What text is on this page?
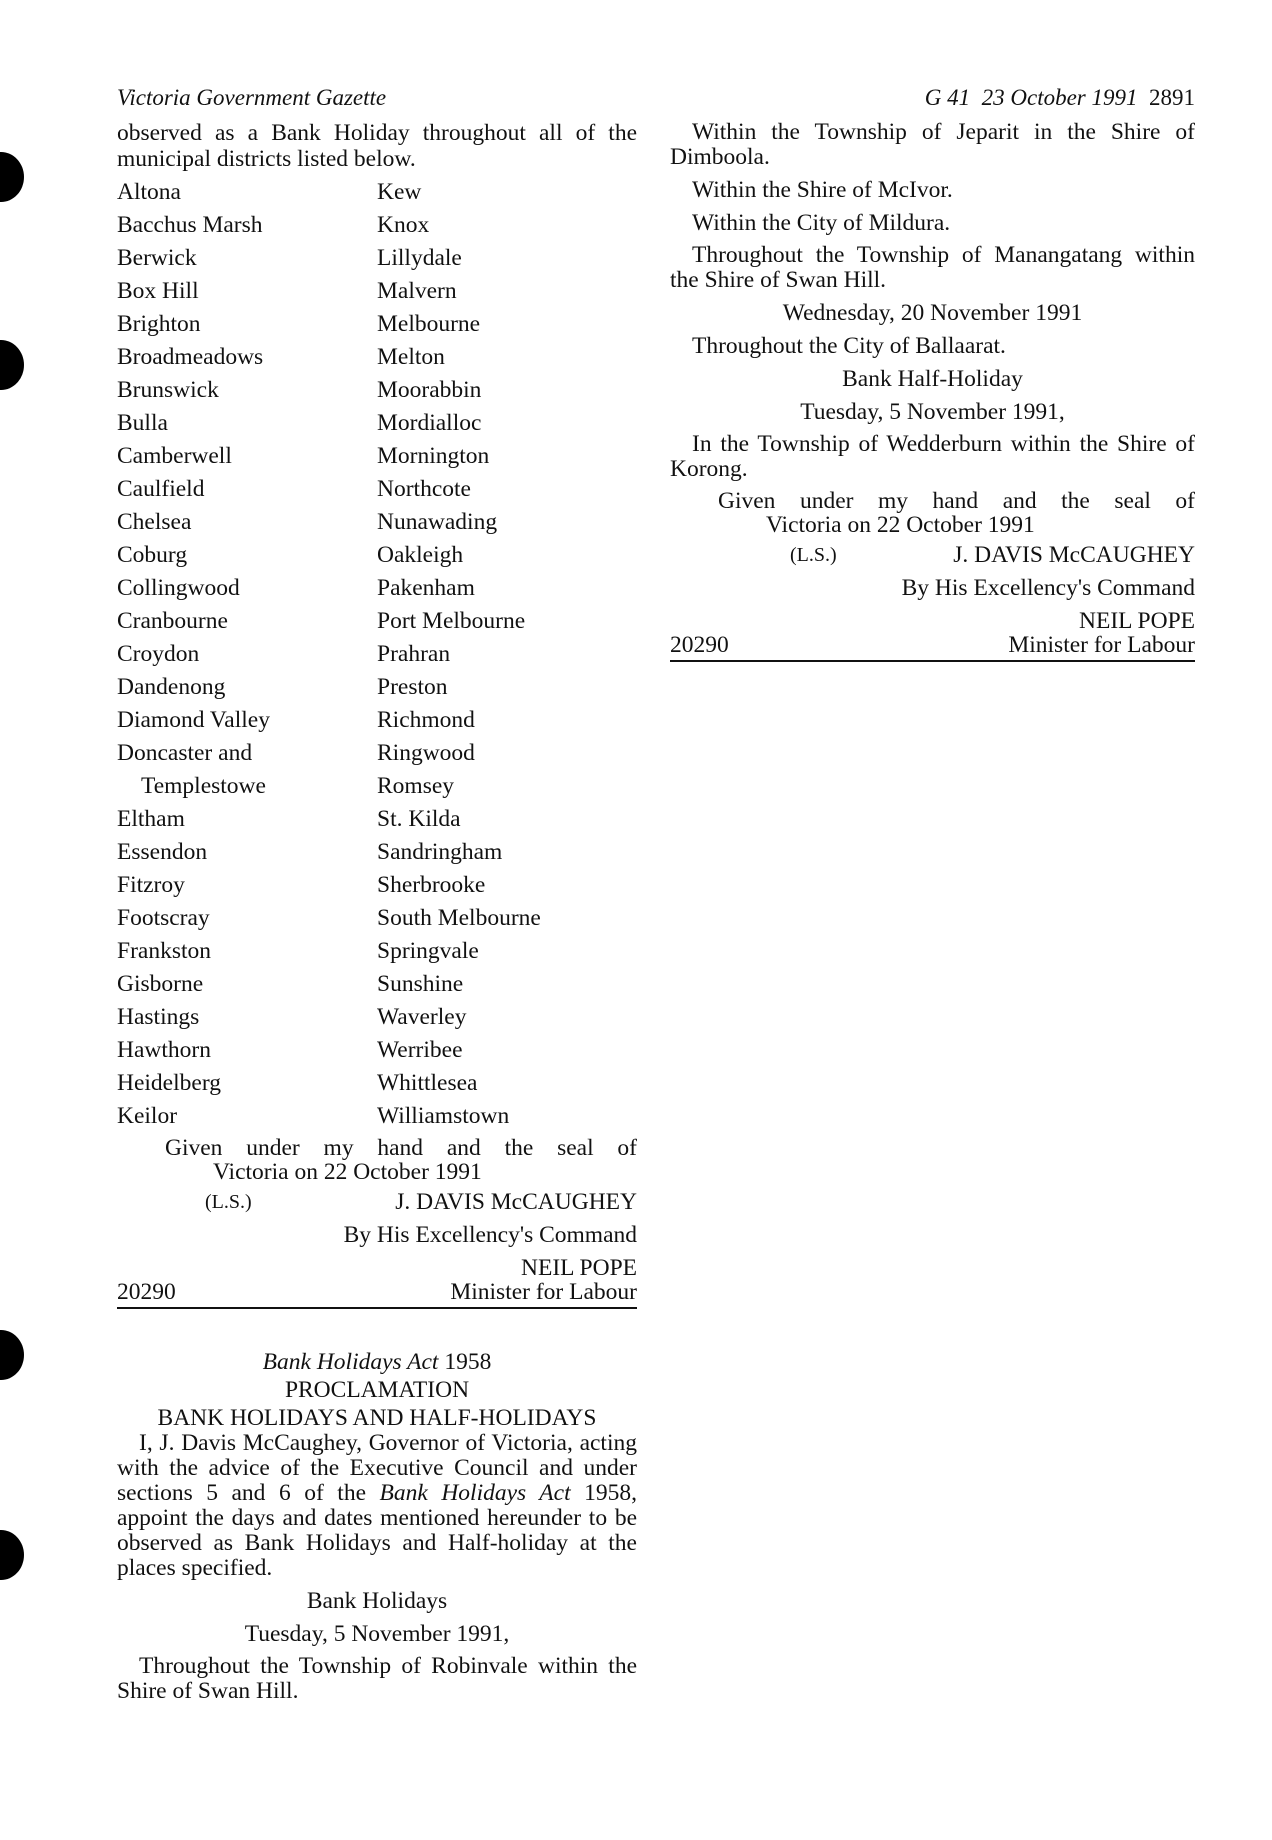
Victoria Government Gazette	G 41 23 October 1991 2891

observed as a Bank Holiday throughout all of the municipal districts listed below.

Altona	Kew
Bacchus Marsh	Knox
Berwick	Lillydale
Box Hill	Malvern
Brighton	Melbourne
Broadmeadows	Melton
Brunswick	Moorabbin
Bulla	Mordialloc
Camberwell	Mornington
Caulfield	Northcote
Chelsea	Nunawading
Coburg	Oakleigh
Collingwood	Pakenham
Cranbourne	Port Melbourne
Croydon	Prahran
Dandenong	Preston
Diamond Valley	Richmond
Doncaster and	Ringwood
Templestowe	Romsey
Eltham	St. Kilda
Essendon	Sandringham
Fitzroy	Sherbrooke
Footscray	South Melbourne
Frankston	Springvale
Gisborne	Sunshine
Hastings	Waverley
Hawthorn	Werribee
Heidelberg	Whittlesea
Keilor	Williamstown

Given under my hand and the seal of
Victoria on 22 October 1991

(L.S.)	J. DAVIS McCAUGHEY
By His Excellency's Command
NEIL POPE
20290	Minister for Labour
Bank Holidays Act 1958
PROCLAMATION
BANK HOLIDAYS AND HALF-HOLIDAYS

I, J. Davis McCaughey, Governor of Victoria, acting with the advice of the Executive Council and under sections 5 and 6 of the Bank Holidays Act 1958, appoint the days and dates mentioned hereunder to be observed as Bank Holidays and Half-holiday at the places specified.

Bank Holidays
Tuesday, 5 November 1991,

Throughout the Township of Robinvale within the Shire of Swan Hill.

Within the Township of Jeparit in the Shire of Dimboola.

Within the Shire of McIvor.

Within the City of Mildura.

Throughout the Township of Manangatang within the Shire of Swan Hill.

Wednesday, 20 November 1991

Throughout the City of Ballaarat.

Bank Half-Holiday
Tuesday, 5 November 1991,

In the Township of Wedderburn within the Shire of Korong.

Given under my hand and the seal of
Victoria on 22 October 1991

(L.S.)	J. DAVIS McCAUGHEY
By His Excellency's Command
NEIL POPE
20290	Minister for Labour
